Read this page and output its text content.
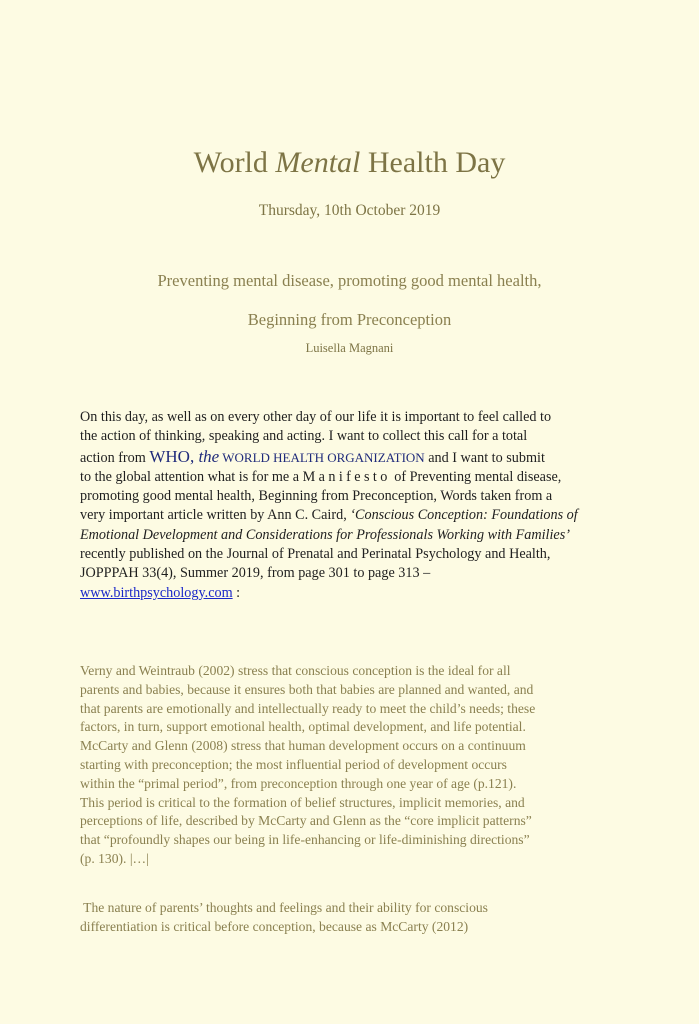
World Mental Health Day
Thursday, 10th October 2019
Preventing mental disease, promoting good mental health,
Beginning from Preconception
Luisella Magnani
On this day, as well as on every other day of our life it is important to feel called to
the action of thinking, speaking and acting. I want to collect this call for a total
action from WHO, the WORLD HEALTH ORGANIZATION and I want to submit
to the global attention what is for me a Manifesto of Preventing mental disease,
promoting good mental health, Beginning from Preconception, Words taken from a
very important article written by Ann C. Caird, ‘Conscious Conception: Foundations of
Emotional Development and Considerations for Professionals Working with Families’
recently published on the Journal of Prenatal and Perinatal Psychology and Health,
JOPPPAH 33(4), Summer 2019, from page 301 to page 313 –
www.birthpsychology.com :
Verny and Weintraub (2002) stress that conscious conception is the ideal for all
parents and babies, because it ensures both that babies are planned and wanted, and
that parents are emotionally and intellectually ready to meet the child’s needs; these
factors, in turn, support emotional health, optimal development, and life potential.
McCarty and Glenn (2008) stress that human development occurs on a continuum
starting with preconception; the most influential period of development occurs
within the “primal period”, from preconception through one year of age (p.121).
This period is critical to the formation of belief structures, implicit memories, and
perceptions of life, described by McCarty and Glenn as the “core implicit patterns”
that “profoundly shapes our being in life-enhancing or life-diminishing directions”
(p. 130). |…|
The nature of parents’ thoughts and feelings and their ability for conscious
differentiation is critical before conception, because as McCarty (2012)
